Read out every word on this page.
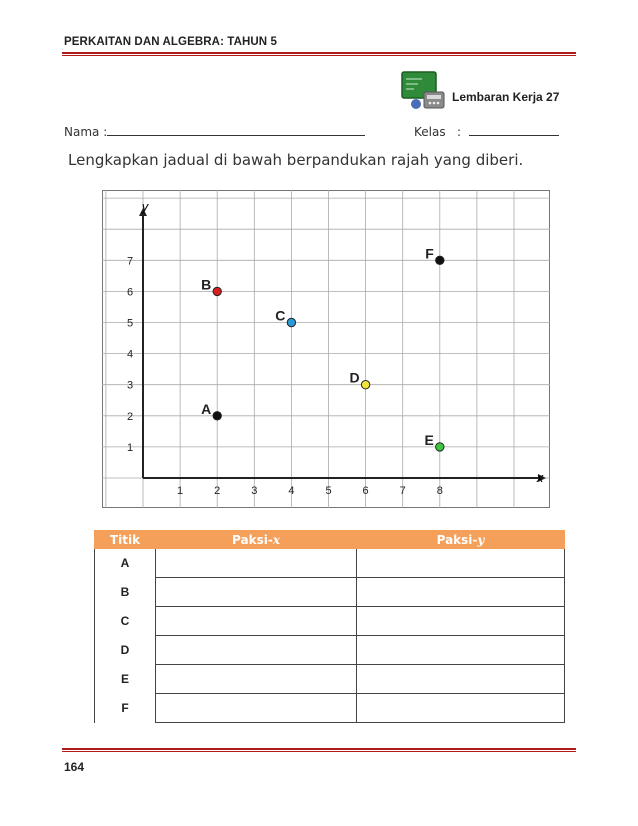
PERKAITAN DAN ALGEBRA: TAHUN 5
Lembaran Kerja 27
Nama :	Kelas :
Lengkapkan jadual di bawah berpandukan rajah yang diberi.
x
y
1	2	3	4	5	6	7	8
1
2
3
4
5
6
7
A
B
C
D
E
F
Titik	Paksi-x	Paksi-y
A		
B		
C		
D		
E		
F		
164
